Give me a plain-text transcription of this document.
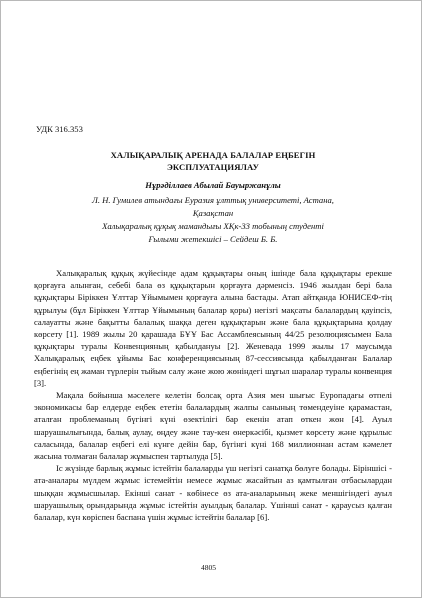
УДК 316.353
ХАЛЫҚАРАЛЫҚ АРЕНАДА БАЛАЛАР ЕҢБЕГІН
ЭКСПЛУАТАЦИЯЛАУ
Нұрәділлаев Абылай Бауыржанұлы
Л. Н. Гумилев атындағы Еуразия ұлттық университеті, Астана,
Қазақстан
Халықаралық құқық мамандығы ХҚк-33 тобының студенті
Ғылыми жетекшісі – Сейдеш Б. Б.

Халықаралық құқық жүйесінде адам құқықтары оның ішінде бала құқықтары ерекше қорғауға алынған, себебі бала өз құқықтарын қорғауға дәрменсіз. 1946 жылдан бері бала құқықтары Біріккен Ұлттар Ұйымымен қорғауға алына бастады. Атап айтқанда ЮНИСЕФ-тің құрылуы (бұл Біріккен Ұлттар Ұйымының балалар қоры) негізгі мақсаты балалардың қауіпсіз, салауатты және бақытты балалық шаққа деген құқықтарын және бала құқықтарына қолдау көрсету [1]. 1989 жылы 20 қарашада БҰҰ Бас Ассамблеясының 44/25 резолюциясымен Бала құқықтары туралы Конвенцияның қабылдануы [2]. Женевада 1999 жылы 17 маусымда Халықаралық еңбек ұйымы Бас конференциясының 87-сессиясында қабылданған Балалар еңбегінің ең жаман түрлерін тыйым салу және жою жөніндегі шұғыл шаралар туралы конвенция [3].

Мақала бойынша мәселеге келетін болсақ орта Азия мен шығыс Еуропадағы өтпелі экономикасы бар елдерде еңбек ететін балалардың жалпы санының төмендеуіне қарамастан, аталған проблеманың бүгінгі күні өзектілігі бар екенін атап өткен жөн [4]. Ауыл шаруашылығында, балық аулау, өңдеу және тау-кен өнеркәсібі, қызмет көрсету және құрылыс саласында, балалар еңбегі елі күнге дейін бар, бүгінгі күні 168 миллионнан астам кәмелет жасына толмаған балалар жұмыспен тартылуда [5].

Іс жүзінде барлық жұмыс істейтін балаларды үш негізгі санатқа бөлуге болады. Біріншісі - ата-аналары мүлдем жұмыс істемейтін немесе жұмыс жасайтын аз қамтылған отбасылардан шыққан жұмысшылар. Екінші санат - көбінесе өз ата-аналарының жеке меншігіндегі ауыл шаруашылық орындарында жұмыс істейтін ауылдық балалар. Үшінші санат - қараусыз қалған балалар, күн көріспен баспана үшін жұмыс істейтін балалар [6].

4805
